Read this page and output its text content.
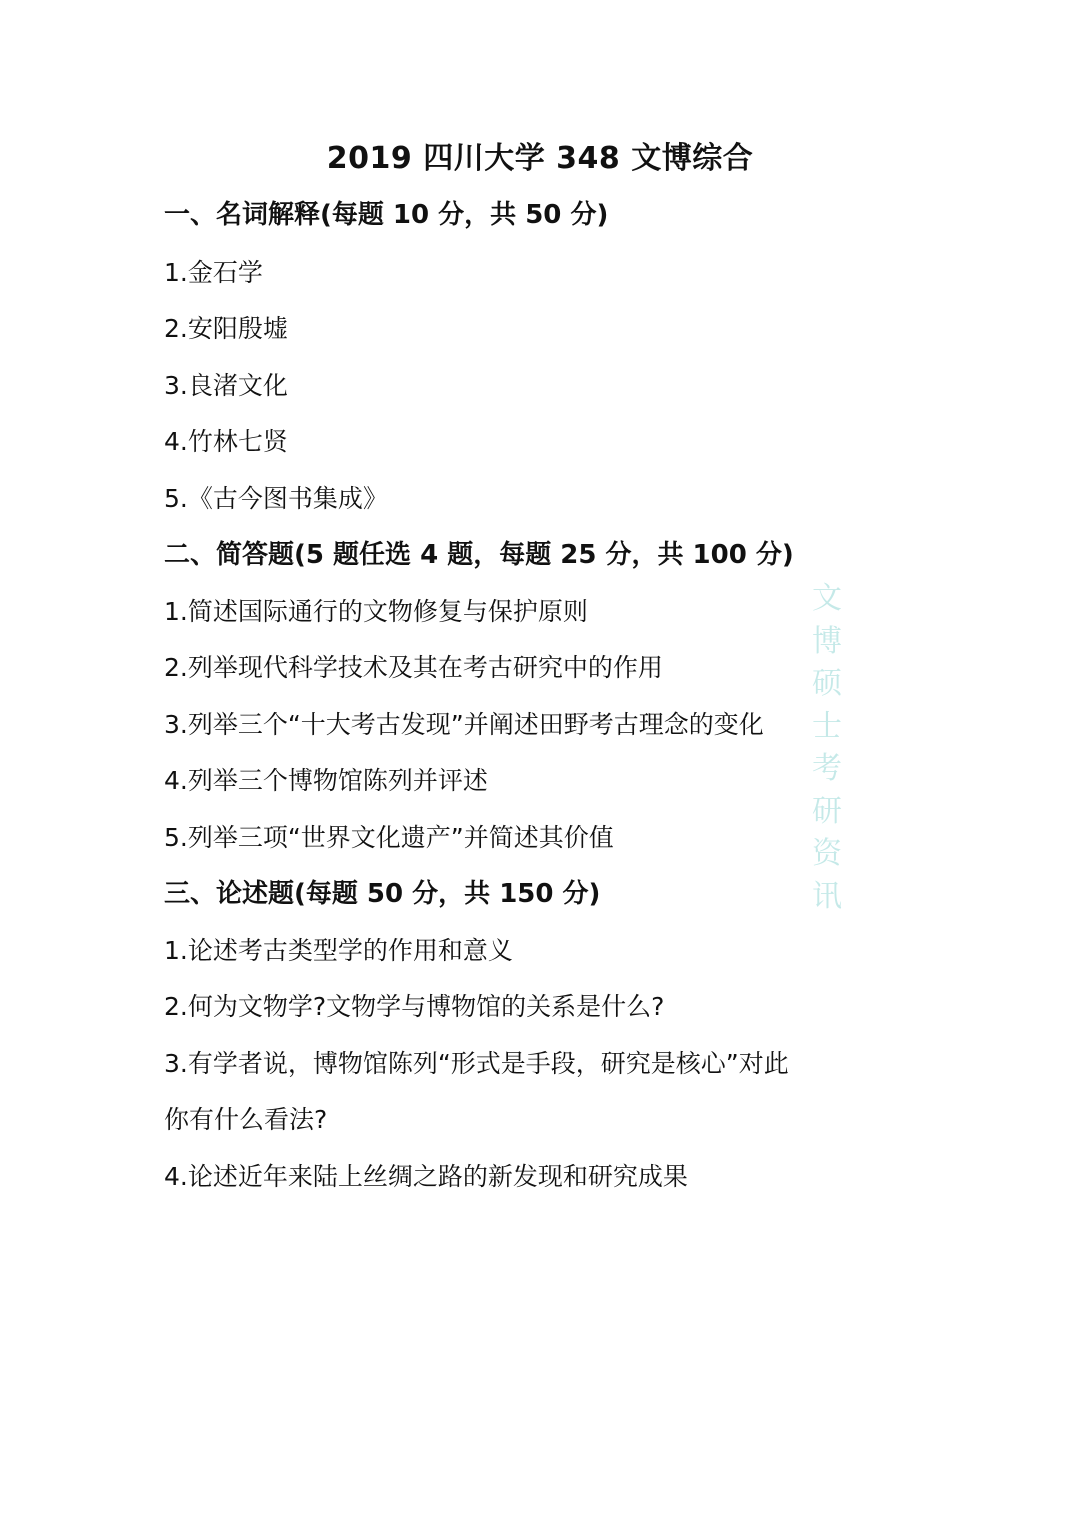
2019 四川大学 348 文博综合
一、名词解释(每题 10 分，共 50 分)
1.金石学
2.安阳殷墟
3.良渚文化
4.竹林七贤
5.《古今图书集成》
二、简答题(5 题任选 4 题，每题 25 分，共 100 分)
1.简述国际通行的文物修复与保护原则
2.列举现代科学技术及其在考古研究中的作用
3.列举三个“十大考古发现”并阐述田野考古理念的变化
4.列举三个博物馆陈列并评述
5.列举三项“世界文化遗产”并简述其价值
三、论述题(每题 50 分，共 150 分)
1.论述考古类型学的作用和意义
2.何为文物学?文物学与博物馆的关系是什么?
3.有学者说，博物馆陈列“形式是手段，研究是核心”对此
你有什么看法?
4.论述近年来陆上丝绸之路的新发现和研究成果
文
博
硕
士
考
研
资
讯
